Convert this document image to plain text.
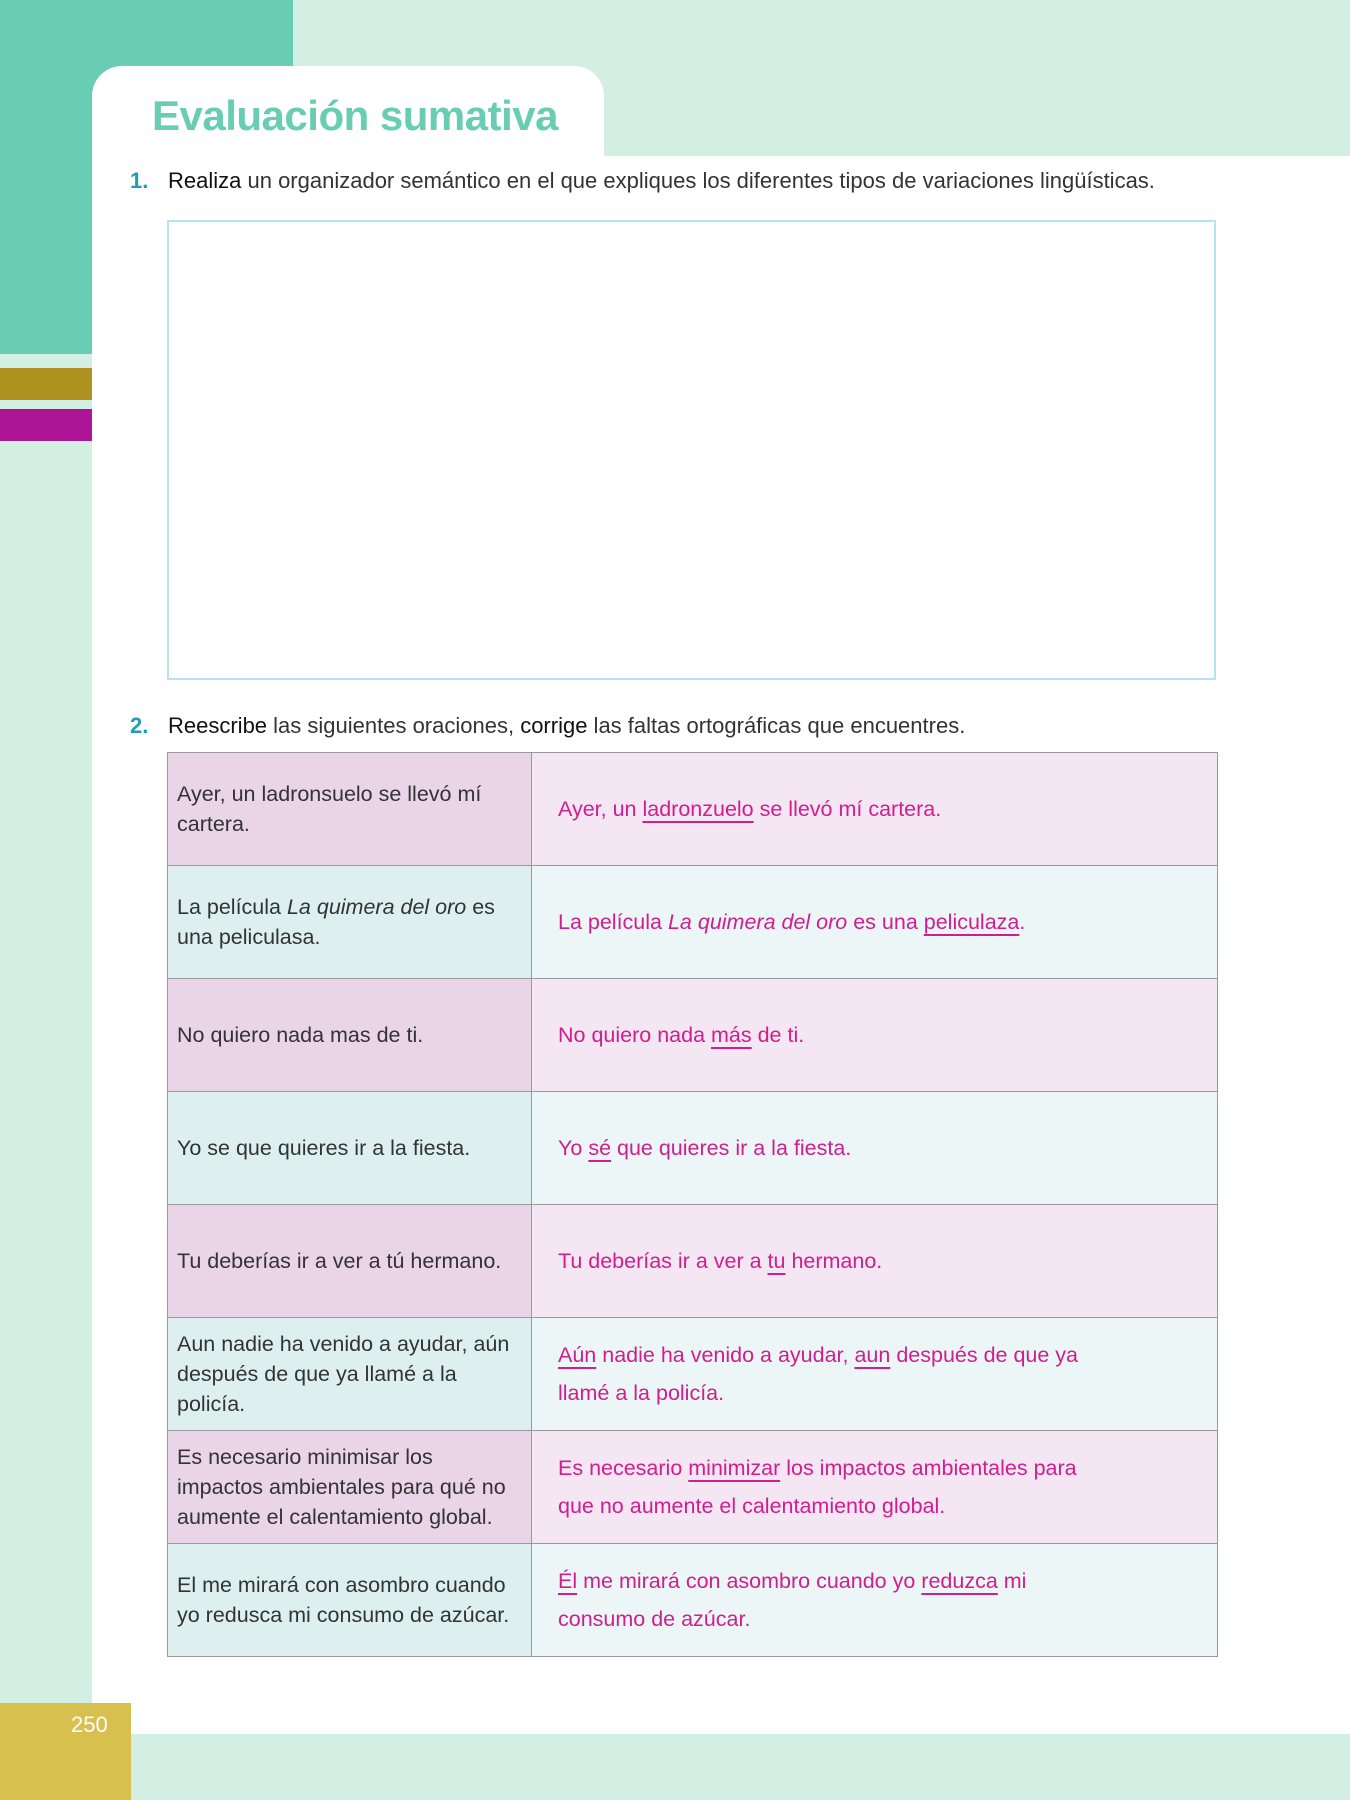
250
Evaluación sumativa
1. Realiza un organizador semántico en el que expliques los diferentes tipos de variaciones lingüísticas.
2. Reescribe las siguientes oraciones, corrige las faltas ortográficas que encuentres.
Ayer, un ladronsuelo se llevó mí cartera.	Ayer, un ladronzuelo se llevó mí cartera.
La película La quimera del oro es una peliculasa.	La película La quimera del oro es una peliculaza.
No quiero nada mas de ti.	No quiero nada más de ti.
Yo se que quieres ir a la fiesta.	Yo sé que quieres ir a la fiesta.
Tu deberías ir a ver a tú hermano.	Tu deberías ir a ver a tu hermano.
Aun nadie ha venido a ayudar, aún después de que ya llamé a la policía.	Aún nadie ha venido a ayudar, aun después de que ya llamé a la policía.
Es necesario minimisar los impactos ambientales para qué no aumente el calentamiento global.	Es necesario minimizar los impactos ambientales para que no aumente el calentamiento global.
El me mirará con asombro cuando yo redusca mi consumo de azúcar.	Él me mirará con asombro cuando yo reduzca mi consumo de azúcar.
